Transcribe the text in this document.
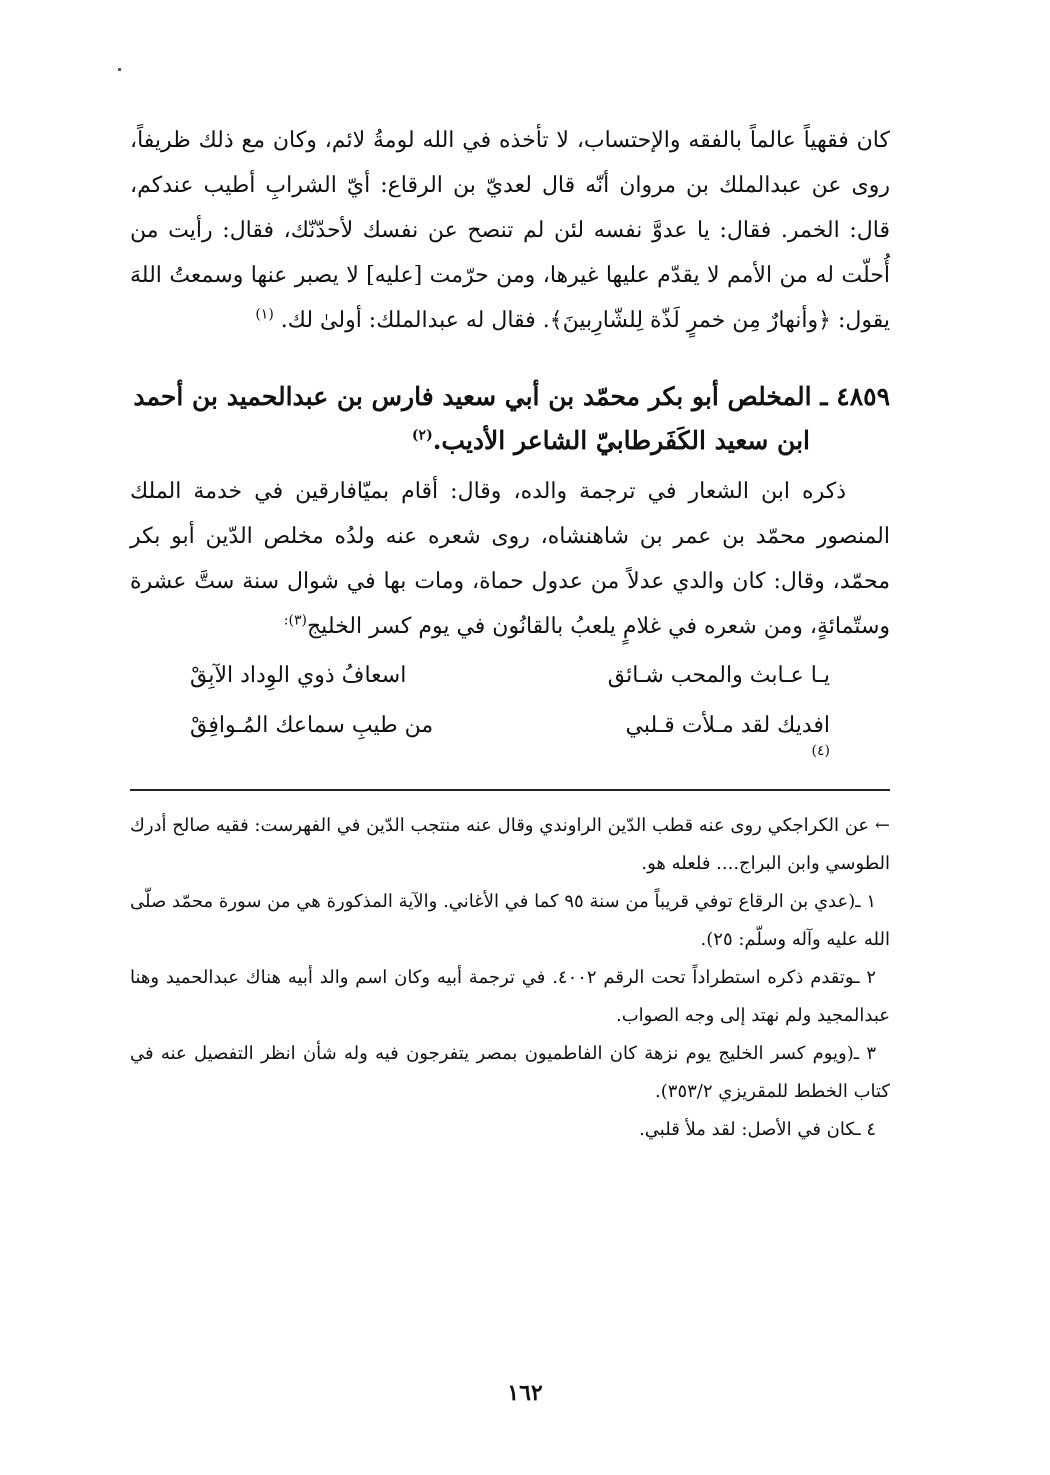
كان فقهياً عالماً بالفقه والإحتساب، لا تأخذه في الله لومةُ لائم، وكان مع ذلك ظريفاً، روى عن عبدالملك بن مروان أنّه قال لعديّ بن الرقاع: أيّ الشرابِ أطيب عندكم، قال: الخمر. فقال: يا عدوَّ نفسه لئن لم تنصح عن نفسك لأحدّنّك، فقال: رأيت من أُحلّت له من الأمم لا يقدّم عليها غيرها، ومن حرّمت [عليه] لا يصبر عنها وسمعتُ اللهَ يقول: ﴿وأنهارٌ مِن خمرٍ لَذّة لِلشّارِبينَ﴾. فقال له عبدالملك: أولىٰ لك. $^{(١)}$

٤٨٥٩ ـ المخلص أبو بكر محمّد بن أبي سعيد فارس بن عبدالحميد بن أحمد
ابن سعيد الكَفَرطابيّ الشاعر الأديب.$^{(٢)}$

ذكره ابن الشعار في ترجمة والده، وقال: أقام بميّافارقين في خدمة الملك المنصور محمّد بن عمر بن شاهنشاه، روى شعره عنه ولدُه مخلص الدّين أبو بكر محمّد، وقال: كان والدي عدلاً من عدول حماة، ومات بها في شوال سنة ستَّ عشرة وستّمائةٍ، ومن شعره في غلامٍ يلعبُ بالقانُون في يوم كسر الخليج$^{(٣):}$

يـا عـابث والمحب شـائق
اسعافُ ذوي الوِداد الآبِقْ
افديك لقد مـلأت قـلبي
(٤)
من طيبِ سماعك المُـوافِقْ

← عن الكراجكي روى عنه قطب الدّين الراوندي وقال عنه منتجب الدّين في الفهرست: فقيه صالح أدرك الطوسي وابن البراج.... فلعله هو.

١ ـ(عدي بن الرقاع توفي قريباً من سنة ٩٥ كما في الأغاني. والآية المذكورة هي من سورة محمّد صلّى الله عليه وآله وسلّم: ٢٥).

٢ ـوتقدم ذكره استطراداً تحت الرقم ٤٠٠٢. في ترجمة أبيه وكان اسم والد أبيه هناك عبدالحميد وهنا عبدالمجيد ولم نهتد إلى وجه الصواب.

٣ ـ(ويوم كسر الخليج يوم نزهة كان الفاطميون بمصر يتفرجون فيه وله شأن انظر التفصيل عنه في كتاب الخطط للمقريزي ٣٥٣/٢).

٤ ـكان في الأصل: لقد ملأ قلبي.

١٦٢
